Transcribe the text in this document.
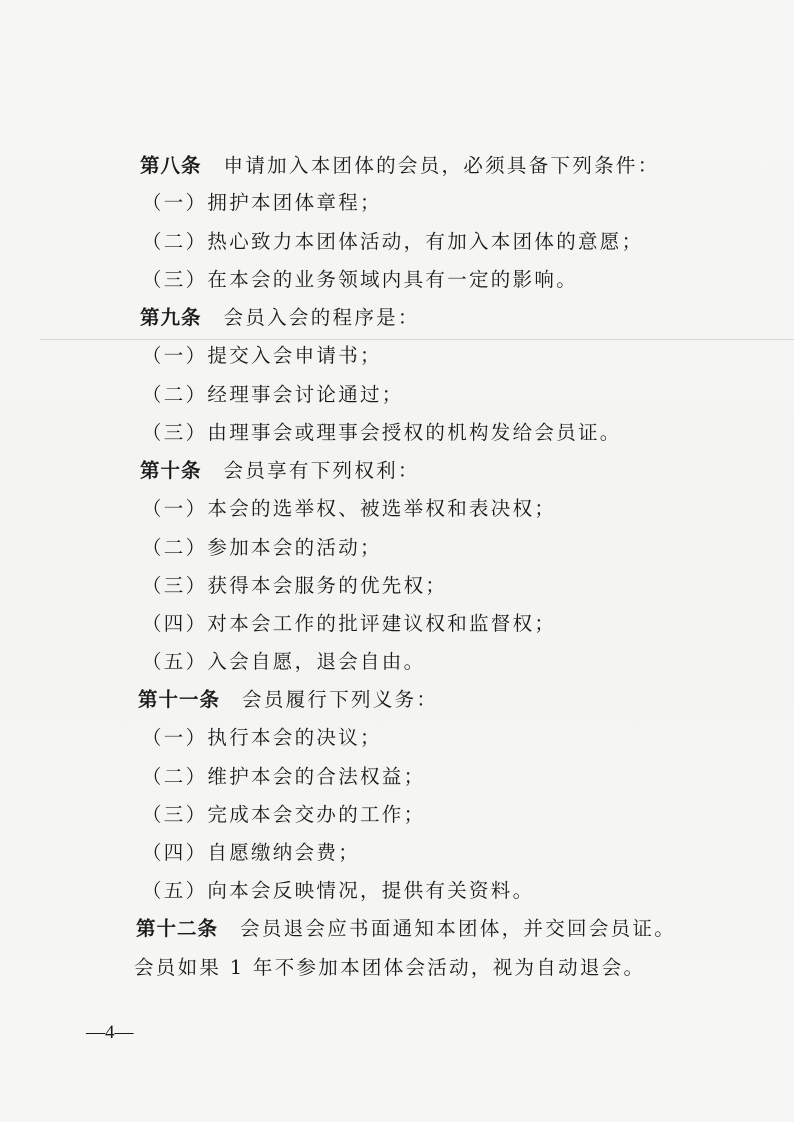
第八条 申请加入本团体的会员，必须具备下列条件：
（一）拥护本团体章程；
（二）热心致力本团体活动，有加入本团体的意愿；
（三）在本会的业务领域内具有一定的影响。
第九条 会员入会的程序是：
（一）提交入会申请书；
（二）经理事会讨论通过；
（三）由理事会或理事会授权的机构发给会员证。
第十条 会员享有下列权利：
（一）本会的选举权、被选举权和表决权；
（二）参加本会的活动；
（三）获得本会服务的优先权；
（四）对本会工作的批评建议权和监督权；
（五）入会自愿，退会自由。
第十一条 会员履行下列义务：
（一）执行本会的决议；
（二）维护本会的合法权益；
（三）完成本会交办的工作；
（四）自愿缴纳会费；
（五）向本会反映情况，提供有关资料。
第十二条 会员退会应书面通知本团体，并交回会员证。
会员如果 1 年不参加本团体会活动，视为自动退会。
—4—
